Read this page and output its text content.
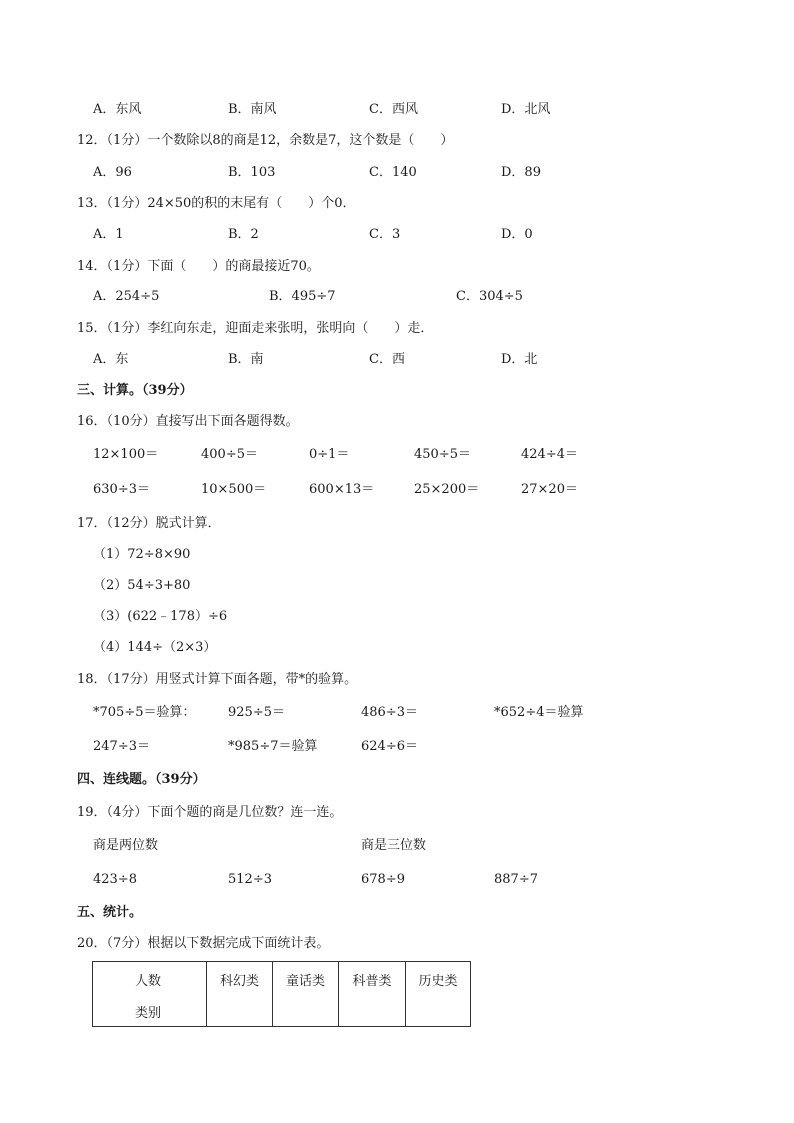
A．东风	B．南风	C．西风	D．北风
12．（1分）一个数除以8的商是12，余数是7，这个数是（　　）
A．96	B．103	C．140	D．89
13．（1分）24×50的积的末尾有（　　）个0．
A．1	B．2	C．3	D．0
14．（1分）下面（　　）的商最接近70。
A．254÷5	B．495÷7	C．304÷5
15．（1分）李红向东走，迎面走来张明，张明向（　　）走．
A．东	B．南	C．西	D．北
三、计算。（39分）
16．（10分）直接写出下面各题得数。
12×100＝	400÷5＝	0÷1＝	450÷5＝	424÷4＝
630÷3＝	10×500＝	600×13＝	25×200＝	27×20＝
17．（12分）脱式计算．
（1）72÷8×90
（2）54÷3+80
（3）(622﹣178）÷6
（4）144÷（2×3）
18．（17分）用竖式计算下面各题，带*的验算。
*705÷5＝验算：	925÷5＝	486÷3＝	*652÷4＝验算
247÷3＝	*985÷7＝验算	624÷6＝
四、连线题。（39分）
19．（4分）下面个题的商是几位数？连一连。
商是两位数	商是三位数
423÷8	512÷3	678÷9	887÷7
五、统计。
20．（7分）根据以下数据完成下面统计表。
人数
类别

科幻类	童话类	科普类	历史类
